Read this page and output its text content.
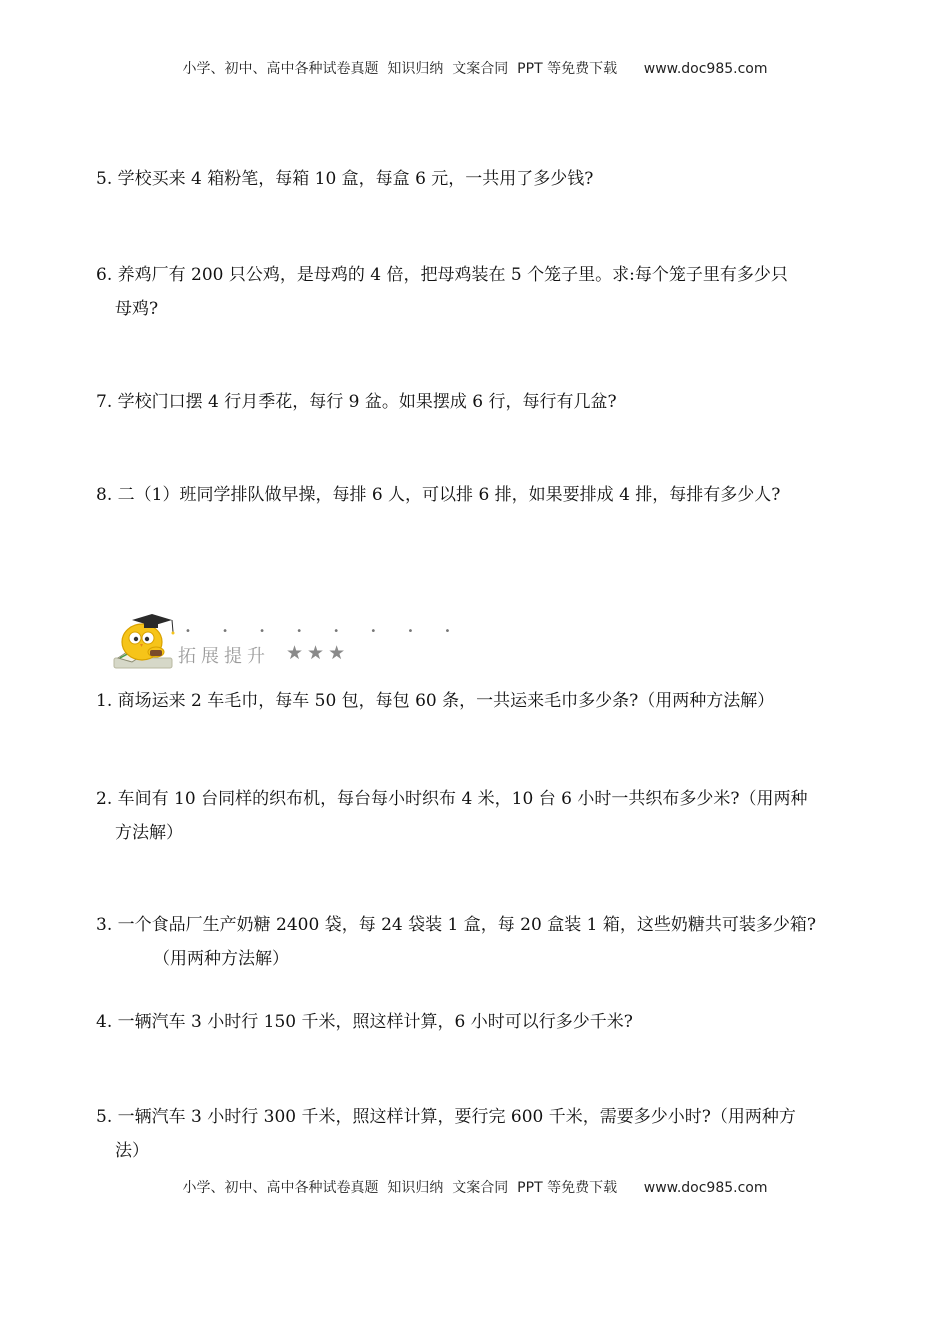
小学、初中、高中各种试卷真题  知识归纳  文案合同  PPT 等免费下载      www.doc985.com
5. 学校买来 4 箱粉笔，每箱 10 盒，每盒 6 元，一共用了多少钱?
6. 养鸡厂有 200 只公鸡，是母鸡的 4 倍，把母鸡装在 5 个笼子里。求:每个笼子里有多少只
母鸡?
7. 学校门口摆 4 行月季花，每行 9 盆。如果摆成 6 行，每行有几盆?
8. 二（1）班同学排队做早操，每排 6 人，可以排 6 排，如果要排成 4 排，每排有多少人?
• • • • • • • •
拓展提升 ★★★
1. 商场运来 2 车毛巾，每车 50 包，每包 60 条，一共运来毛巾多少条?（用两种方法解）
2. 车间有 10 台同样的织布机，每台每小时织布 4 米，10 台 6 小时一共织布多少米?（用两种
方法解）
3. 一个食品厂生产奶糖 2400 袋，每 24 袋装 1 盒，每 20 盒装 1 箱，这些奶糖共可装多少箱?
（用两种方法解）
4. 一辆汽车 3 小时行 150 千米，照这样计算，6 小时可以行多少千米?
5. 一辆汽车 3 小时行 300 千米，照这样计算，要行完 600 千米，需要多少小时?（用两种方
法）
小学、初中、高中各种试卷真题  知识归纳  文案合同  PPT 等免费下载      www.doc985.com
